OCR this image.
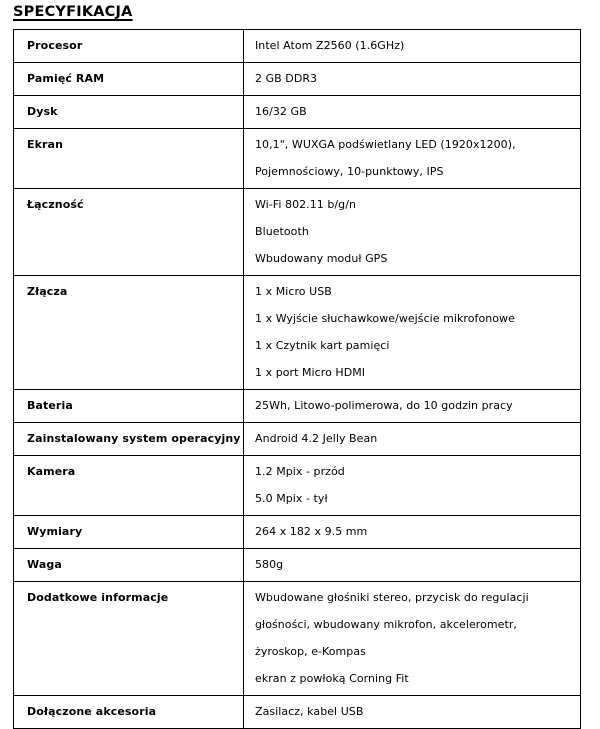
SPECYFIKACJA
Procesor	Intel Atom Z2560 (1.6GHz)

Pamięć RAM	2 GB DDR3

Dysk	16/32 GB

Ekran	10,1", WUXGA podświetlany LED (1920x1200),
Pojemnościowy, 10-punktowy, IPS

Łączność	Wi-Fi 802.11 b/g/n
Bluetooth
Wbudowany moduł GPS

Złącza	1 x Micro USB
1 x Wyjście słuchawkowe/wejście mikrofonowe
1 x Czytnik kart pamięci
1 x port Micro HDMI

Bateria	25Wh, Litowo-polimerowa, do 10 godzin pracy

Zainstalowany system operacyjny	Android 4.2 Jelly Bean

Kamera	1.2 Mpix - przód
5.0 Mpix - tył

Wymiary	264 x 182 x 9.5 mm

Waga	580g

Dodatkowe informacje	Wbudowane głośniki stereo, przycisk do regulacji
głośności, wbudowany mikrofon, akcelerometr,
żyroskop, e-Kompas
ekran z powłoką Corning Fit

Dołączone akcesoria	Zasilacz, kabel USB
